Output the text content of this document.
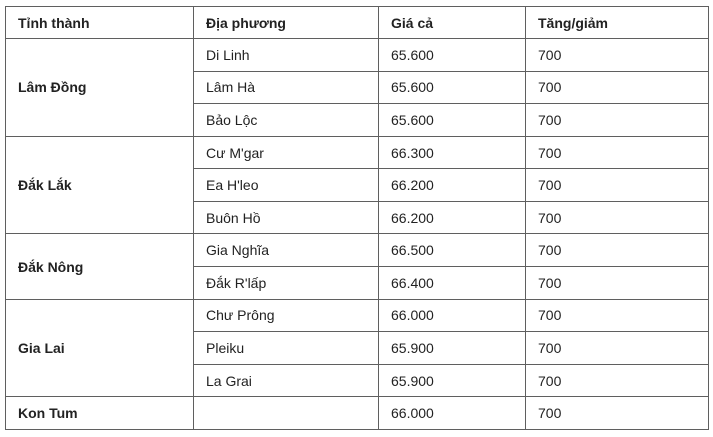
Tỉnh thành	Địa phương	Giá cả	Tăng/giảm
Lâm Đồng	Di Linh	65.600	700
	Lâm Hà	65.600	700
	Bảo Lộc	65.600	700
Đắk Lắk	Cư M'gar	66.300	700
	Ea H'leo	66.200	700
	Buôn Hồ	66.200	700
Đắk Nông	Gia Nghĩa	66.500	700
	Đắk R'lấp	66.400	700
Gia Lai	Chư Prông	66.000	700
	Pleiku	65.900	700
	La Grai	65.900	700
Kon Tum		66.000	700
